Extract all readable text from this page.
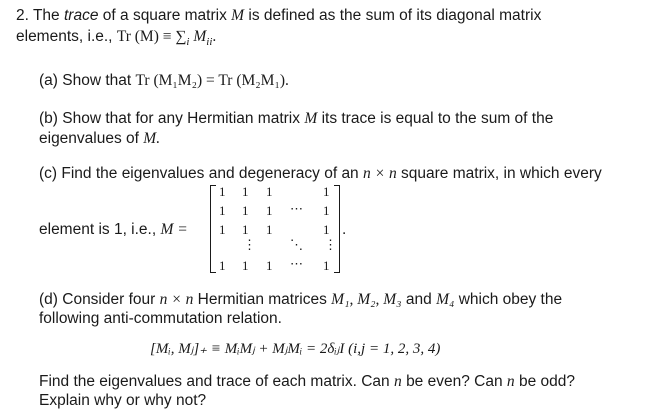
2. The trace of a square matrix M is defined as the sum of its diagonal matrix
elements, i.e., Tr $(M) \equiv \sum_i$ $M_{ii}$.
(a) Show that Tr (M₁M₂) = Tr (M₂M₁).
(b) Show that for any Hermitian matrix M its trace is equal to the sum of the
eigenvalues of M.
(c) Find the eigenvalues and degeneracy of an n × n square matrix, in which every
element is 1, i.e., M =
1 1 1	1
1 1 1 ⋯ 1
1 1 1	1
⋮	⋱ ⋮
1 1 1 ⋯ 1
.
(d) Consider four n × n Hermitian matrices M₁, M₂, M₃ and M₄ which obey the
following anti-commutation relation.
[Mᵢ, Mⱼ]₊ ≡ MᵢMⱼ + MⱼMᵢ = 2δᵢⱼI (i,j = 1, 2, 3, 4)
Find the eigenvalues and trace of each matrix. Can n be even? Can n be odd?
Explain why or why not?
